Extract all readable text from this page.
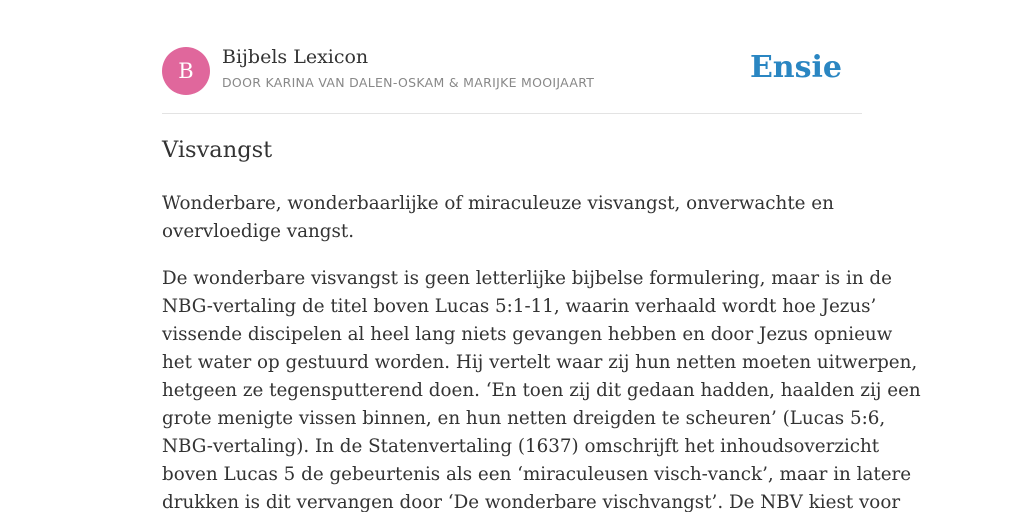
B
Bijbels Lexicon
DOOR KARINA VAN DALEN-OSKAM & MARIJKE MOOIJAART	Ensie
Visvangst

Wonderbare, wonderbaarlijke of miraculeuze visvangst, onverwachte en
overvloedige vangst.

De wonderbare visvangst is geen letterlijke bijbelse formulering, maar is in de
NBG-vertaling de titel boven Lucas 5:1-11, waarin verhaald wordt hoe Jezus’
vissende discipelen al heel lang niets gevangen hebben en door Jezus opnieuw
het water op gestuurd worden. Hij vertelt waar zij hun netten moeten uitwerpen,
hetgeen ze tegensputterend doen. ‘En toen zij dit gedaan hadden, haalden zij een
grote menigte vissen binnen, en hun netten dreigden te scheuren’ (Lucas 5:6,
NBG-vertaling). In de Statenvertaling (1637) omschrijft het inhoudsoverzicht
boven Lucas 5 de gebeurtenis als een ‘miraculeusen visch-vanck’, maar in latere
drukken is dit vervangen door ‘De wonderbare vischvangst’. De NBV kiest voor
